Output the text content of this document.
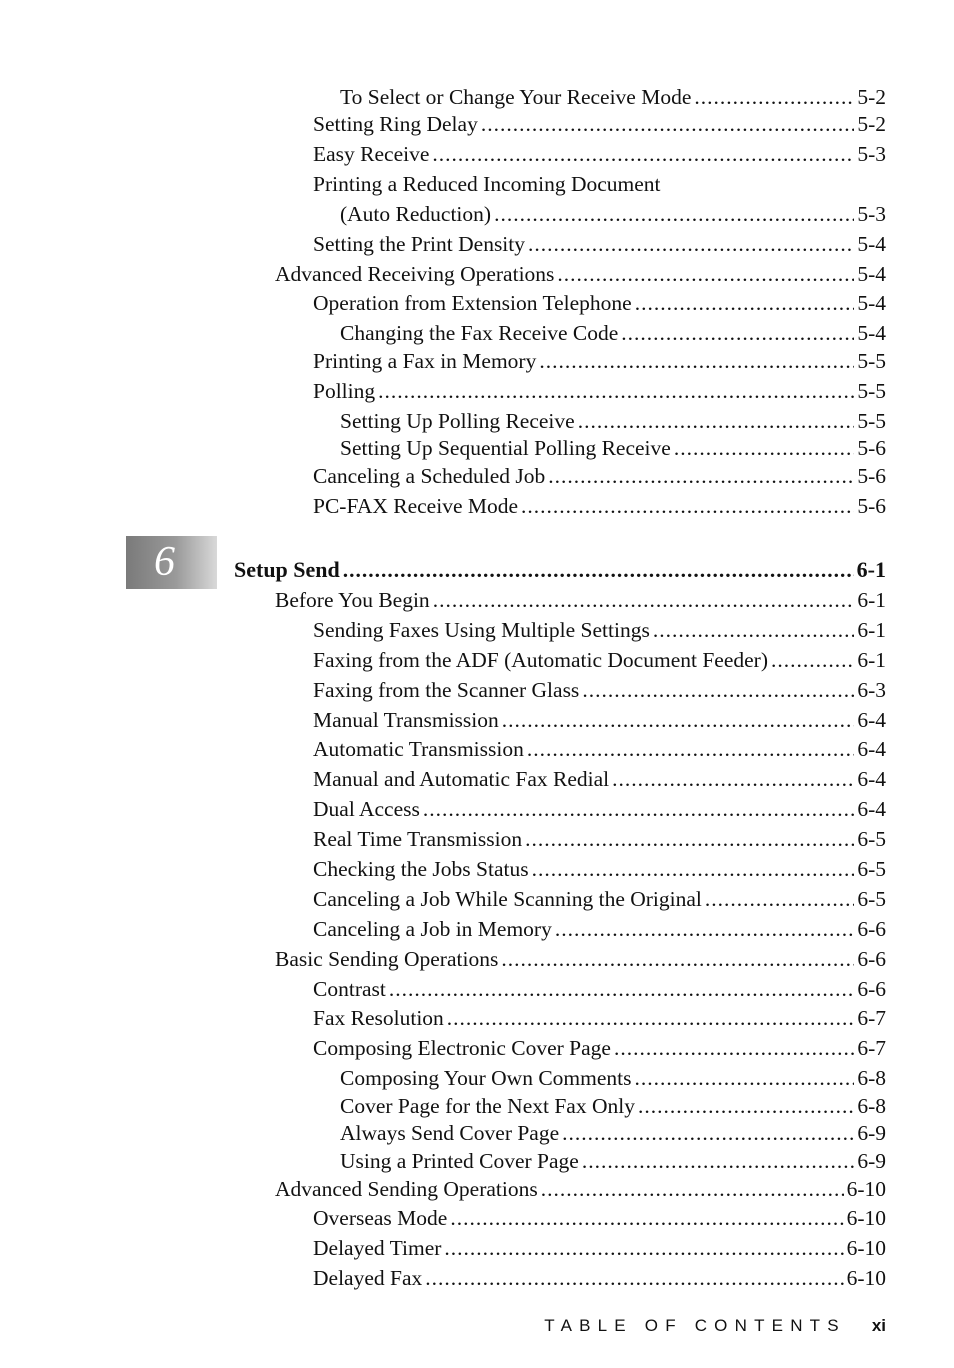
6
To Select or Change Your Receive Mode .....	5-2
Setting Ring Delay .....	5-2
Easy Receive .....	5-3
Printing a Reduced Incoming Document
(Auto Reduction) .....	5-3
Setting the Print Density .....	5-4
Advanced Receiving Operations .....	5-4
Operation from Extension Telephone .....	5-4
Changing the Fax Receive Code .....	5-4
Printing a Fax in Memory .....	5-5
Polling .....	5-5
Setting Up Polling Receive .....	5-5
Setting Up Sequential Polling Receive .....	5-6
Canceling a Scheduled Job .....	5-6
PC-FAX Receive Mode .....	5-6
Setup Send .....	6-1
Before You Begin .....	6-1
Sending Faxes Using Multiple Settings .....	6-1
Faxing from the ADF (Automatic Document Feeder) .....	6-1
Faxing from the Scanner Glass .....	6-3
Manual Transmission .....	6-4
Automatic Transmission .....	6-4
Manual and Automatic Fax Redial .....	6-4
Dual Access .....	6-4
Real Time Transmission .....	6-5
Checking the Jobs Status .....	6-5
Canceling a Job While Scanning the Original .....	6-5
Canceling a Job in Memory .....	6-6
Basic Sending Operations .....	6-6
Contrast .....	6-6
Fax Resolution .....	6-7
Composing Electronic Cover Page .....	6-7
Composing Your Own Comments .....	6-8
Cover Page for the Next Fax Only .....	6-8
Always Send Cover Page .....	6-9
Using a Printed Cover Page .....	6-9
Advanced Sending Operations .....	6-10
Overseas Mode .....	6-10
Delayed Timer .....	6-10
Delayed Fax .....	6-10
TABLE OF CONTENTS xi
